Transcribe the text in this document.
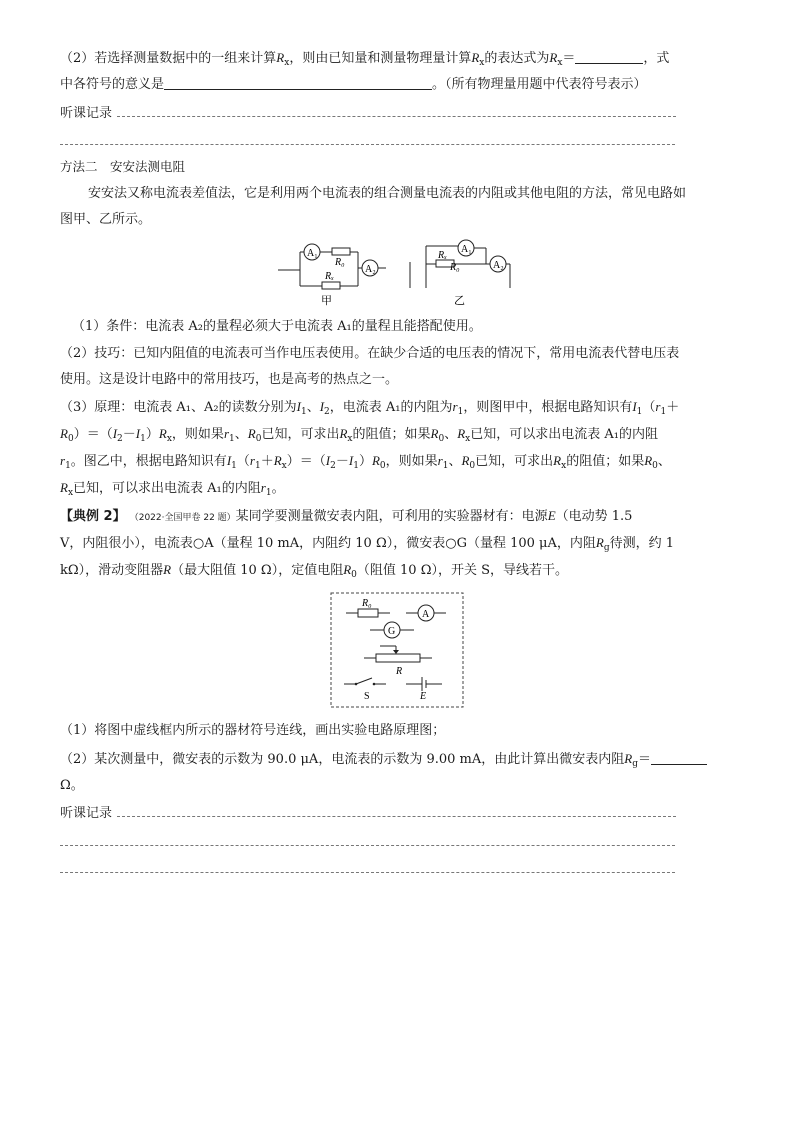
（2）若选择测量数据中的一组来计算$R_x$，则由已知量和测量物理量计算$R_x$的表达式为$R_x=$	，式
中各符号的意义是	。（所有物理量用题中代表符号表示）
听课记录
方法二　安安法测电阻
安安法又称电流表差值法，它是利用两个电流表的组合测量电流表的内阻或其他电阻的方法，常见电路如
图甲、乙所示。
A₁
R₀
Rₓ
A₂
甲
A₁
Rₓ
R₀	A₂
乙
（1）条件：电流表 A₂的量程必须大于电流表 A₁的量程且能搭配使用。
（2）技巧：已知内阻值的电流表可当作电压表使用。在缺少合适的电压表的情况下，常用电流表代替电压表
使用。这是设计电路中的常用技巧，也是高考的热点之一。
（3）原理：电流表 A₁、A₂的读数分别为$I_1$、$I_2$，电流表 A₁的内阻为$r_1$，则图甲中，根据电路知识有$I_1(r_1+$
$R_0)=(I_2-I_1)R_x$，则如果$r_1$、$R_0$已知，可求出$R_x$的阻值；如果$R_0$、$R_x$已知，可以求出电流表 A₁的内阻
$r_1$。图乙中，根据电路知识有$I_1(r_1+R_x)=(I_2-I_1)R_0$，则如果$r_1$、$R_0$已知，可求出$R_x$的阻值；如果$R_0$、
$R_x$已知，可以求出电流表 A₁的内阻$r_1$。
【典例 2】 （2022·全国甲卷 22 题）某同学要测量微安表内阻，可利用的实验器材有：电源E（电动势 1.5
V，内阻很小），电流表○A（量程 10 mA，内阻约 10 Ω），微安表○G（量程 100 μA，内阻$R_g$待测，约 1
kΩ），滑动变阻器R（最大阻值 10 Ω），定值电阻$R_0$（阻值 10 Ω），开关 S，导线若干。
R₀
A
G
R
S	E
（1）将图中虚线框内所示的器材符号连线，画出实验电路原理图；
（2）某次测量中，微安表的示数为 90.0 μA，电流表的示数为 9.00 mA，由此计算出微安表内阻$R_g=$
Ω。
听课记录
